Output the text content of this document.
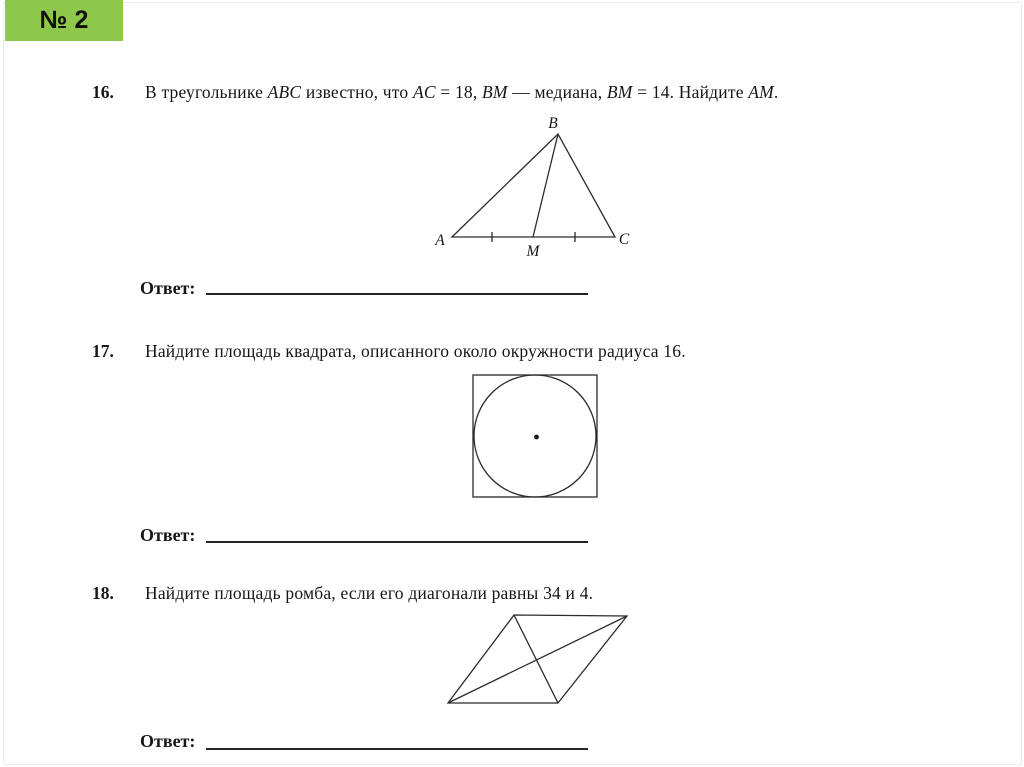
№ 2
16.	В треугольнике ABC известно, что AC = 18, BM — медиана, BM = 14. Найдите AM.
A
B
C
M
Ответ:
17.	Найдите площадь квадрата, описанного около окружности радиуса 16.
Ответ:
18.	Найдите площадь ромба, если его диагонали равны 34 и 4.
Ответ:
